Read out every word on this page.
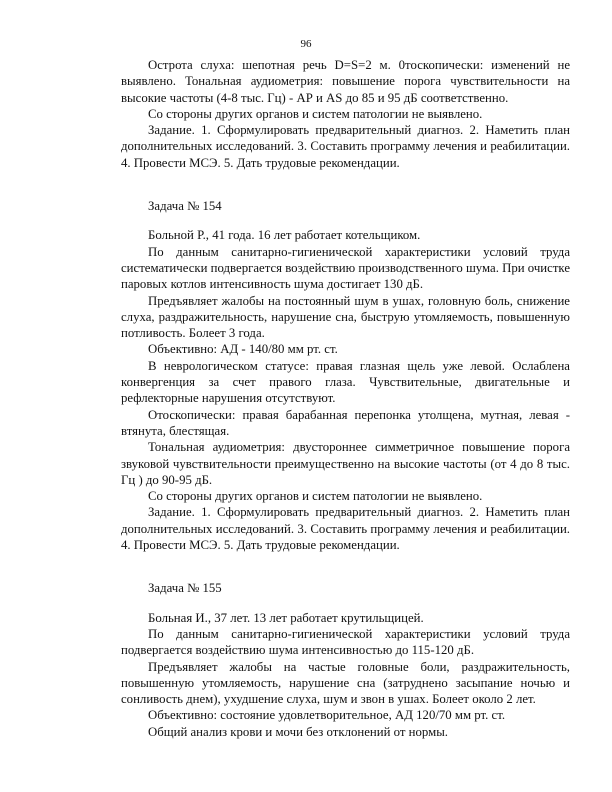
96

Острота слуха: шепотная речь D=S=2 м. 0тоскопически: изменений не выявлено. Тональная аудиометрия: повышение порога чувствительности на высокие частоты (4-8 тыс. Гц) - АР и AS до 85 и 95 дБ соответственно.

Со стороны других органов и систем патологии не выявлено.

Задание. 1. Сформулировать предварительный диагноз. 2. Наметить план дополнительных исследований. 3. Составить программу лечения и реабилитации. 4. Провести МСЭ. 5. Дать трудовые рекомендации.

Задача № 154

Больной Р., 41 года. 16 лет работает котельщиком.

По данным санитарно-гигиенической характеристики условий труда систематически подвергается воздействию производственного шума. При очистке паровых котлов интенсивность шума достигает 130 дБ.

Предъявляет жалобы на постоянный шум в ушах, головную боль, снижение слуха, раздражительность, нарушение сна, быструю утомляемость, повышенную потливость. Болеет 3 года.

Объективно: АД - 140/80 мм рт. ст.

В неврологическом статусе: правая глазная щель уже левой. Ослаблена конвергенция за счет правого глаза. Чувствительные, двигательные и рефлекторные нарушения отсутствуют.

Отоскопически: правая барабанная перепонка утолщена, мутная, левая - втянута, блестящая.

Тональная аудиометрия: двустороннее симметричное повышение порога звуковой чувствительности преимущественно на высокие частоты (от 4 до 8 тыс. Гц ) до 90-95 дБ.

Со стороны других органов и систем патологии не выявлено.

Задание. 1. Сформулировать предварительный диагноз. 2. Наметить план дополнительных исследований. 3. Составить программу лечения и реабилитации. 4. Провести МСЭ. 5. Дать трудовые рекомендации.

Задача № 155

Больная И., 37 лет. 13 лет работает крутильщицей.

По данным санитарно-гигиенической характеристики условий труда подвергается воздействию шума интенсивностью до 115-120 дБ.

Предъявляет жалобы на частые головные боли, раздражительность, повышенную утомляемость, нарушение сна (затруднено засыпание ночью и сонливость днем), ухудшение слуха, шум и звон в ушах. Болеет около 2 лет.

Объективно: состояние удовлетворительное, АД 120/70 мм рт. ст.

Общий анализ крови и мочи без отклонений от нормы.
